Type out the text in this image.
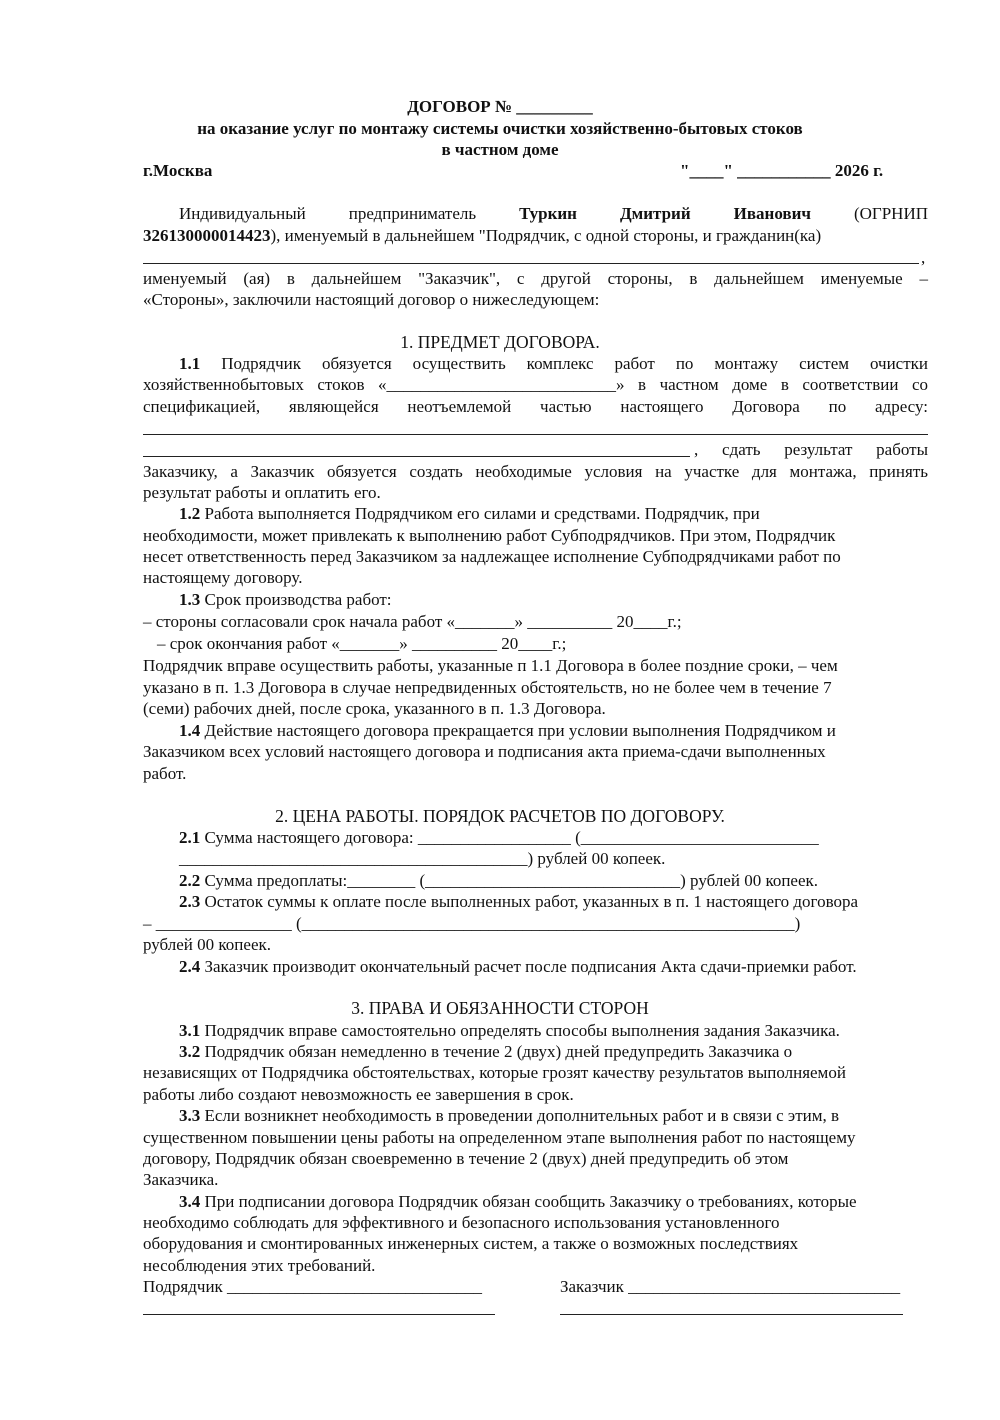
ДОГОВОР № _________
на оказание услуг по монтажу системы очистки хозяйственно-бытовых стоков
в частном доме
г.Москва	"____" ___________ 2026 г.
Индивидуальный	предприниматель	Туркин	Дмитрий	Иванович	(ОГРНИП
326130000014423), именуемый в дальнейшем "Подрядчик, с одной стороны, и гражданин(ка)
,
именуемый (ая) в дальнейшем "Заказчик", с другой стороны, в дальнейшем именуемые –
«Стороны», заключили настоящий договор о нижеследующем:
1. ПРЕДМЕТ ДОГОВОРА.
1.1 Подрядчик обязуется осуществить комплекс работ по монтажу систем очистки
хозяйственнобытовых стоков «___________________________» в частном доме в соответствии со
спецификацией, являющейся неотъемлемой частью настоящего Договора по адресу:
, сдать результат работы
Заказчику, а Заказчик обязуется создать необходимые условия на участке для монтажа, принять
результат работы и оплатить его.
1.2 Работа выполняется Подрядчиком его силами и средствами. Подрядчик, при
необходимости, может привлекать к выполнению работ Субподрядчиков. При этом, Подрядчик
несет ответственность перед Заказчиком за надлежащее исполнение Субподрядчиками работ по
настоящему договору.
1.3 Срок производства работ:
– стороны согласовали срок начала работ «_______» __________ 20____г.;
– срок окончания работ «_______» __________ 20____г.;
Подрядчик вправе осуществить работы, указанные п 1.1 Договора в более поздние сроки, – чем
указано в п. 1.3 Договора в случае непредвиденных обстоятельств, но не более чем в течение 7
(семи) рабочих дней, после срока, указанного в п. 1.3 Договора.
1.4 Действие настоящего договора прекращается при условии выполнения Подрядчиком и
Заказчиком всех условий настоящего договора и подписания акта приема-сдачи выполненных
работ.
2. ЦЕНА РАБОТЫ. ПОРЯДОК РАСЧЕТОВ ПО ДОГОВОРУ.
2.1 Сумма настоящего договора: __________________ (____________________________
_________________________________________) рублей 00 копеек.
2.2 Сумма предоплаты:________ (______________________________) рублей 00 копеек.
2.3 Остаток суммы к оплате после выполненных работ, указанных в п. 1 настоящего договора
– ________________ (__________________________________________________________)
рублей 00 копеек.
2.4 Заказчик производит окончательный расчет после подписания Акта сдачи-приемки работ.
3. ПРАВА И ОБЯЗАННОСТИ СТОРОН
3.1 Подрядчик вправе самостоятельно определять способы выполнения задания Заказчика.
3.2 Подрядчик обязан немедленно в течение 2 (двух) дней предупредить Заказчика о
независящих от Подрядчика обстоятельствах, которые грозят качеству результатов выполняемой
работы либо создают невозможность ее завершения в срок.
3.3 Если возникнет необходимость в проведении дополнительных работ и в связи с этим, в
существенном повышении цены работы на определенном этапе выполнения работ по настоящему
договору, Подрядчик обязан своевременно в течение 2 (двух) дней предупредить об этом
Заказчика.
3.4 При подписании договора Подрядчик обязан сообщить Заказчику о требованиях, которые
необходимо соблюдать для эффективного и безопасного использования установленного
оборудования и смонтированных инженерных систем, а также о возможных последствиях
несоблюдения этих требований.
Подрядчик ______________________________	Заказчик ________________________________
